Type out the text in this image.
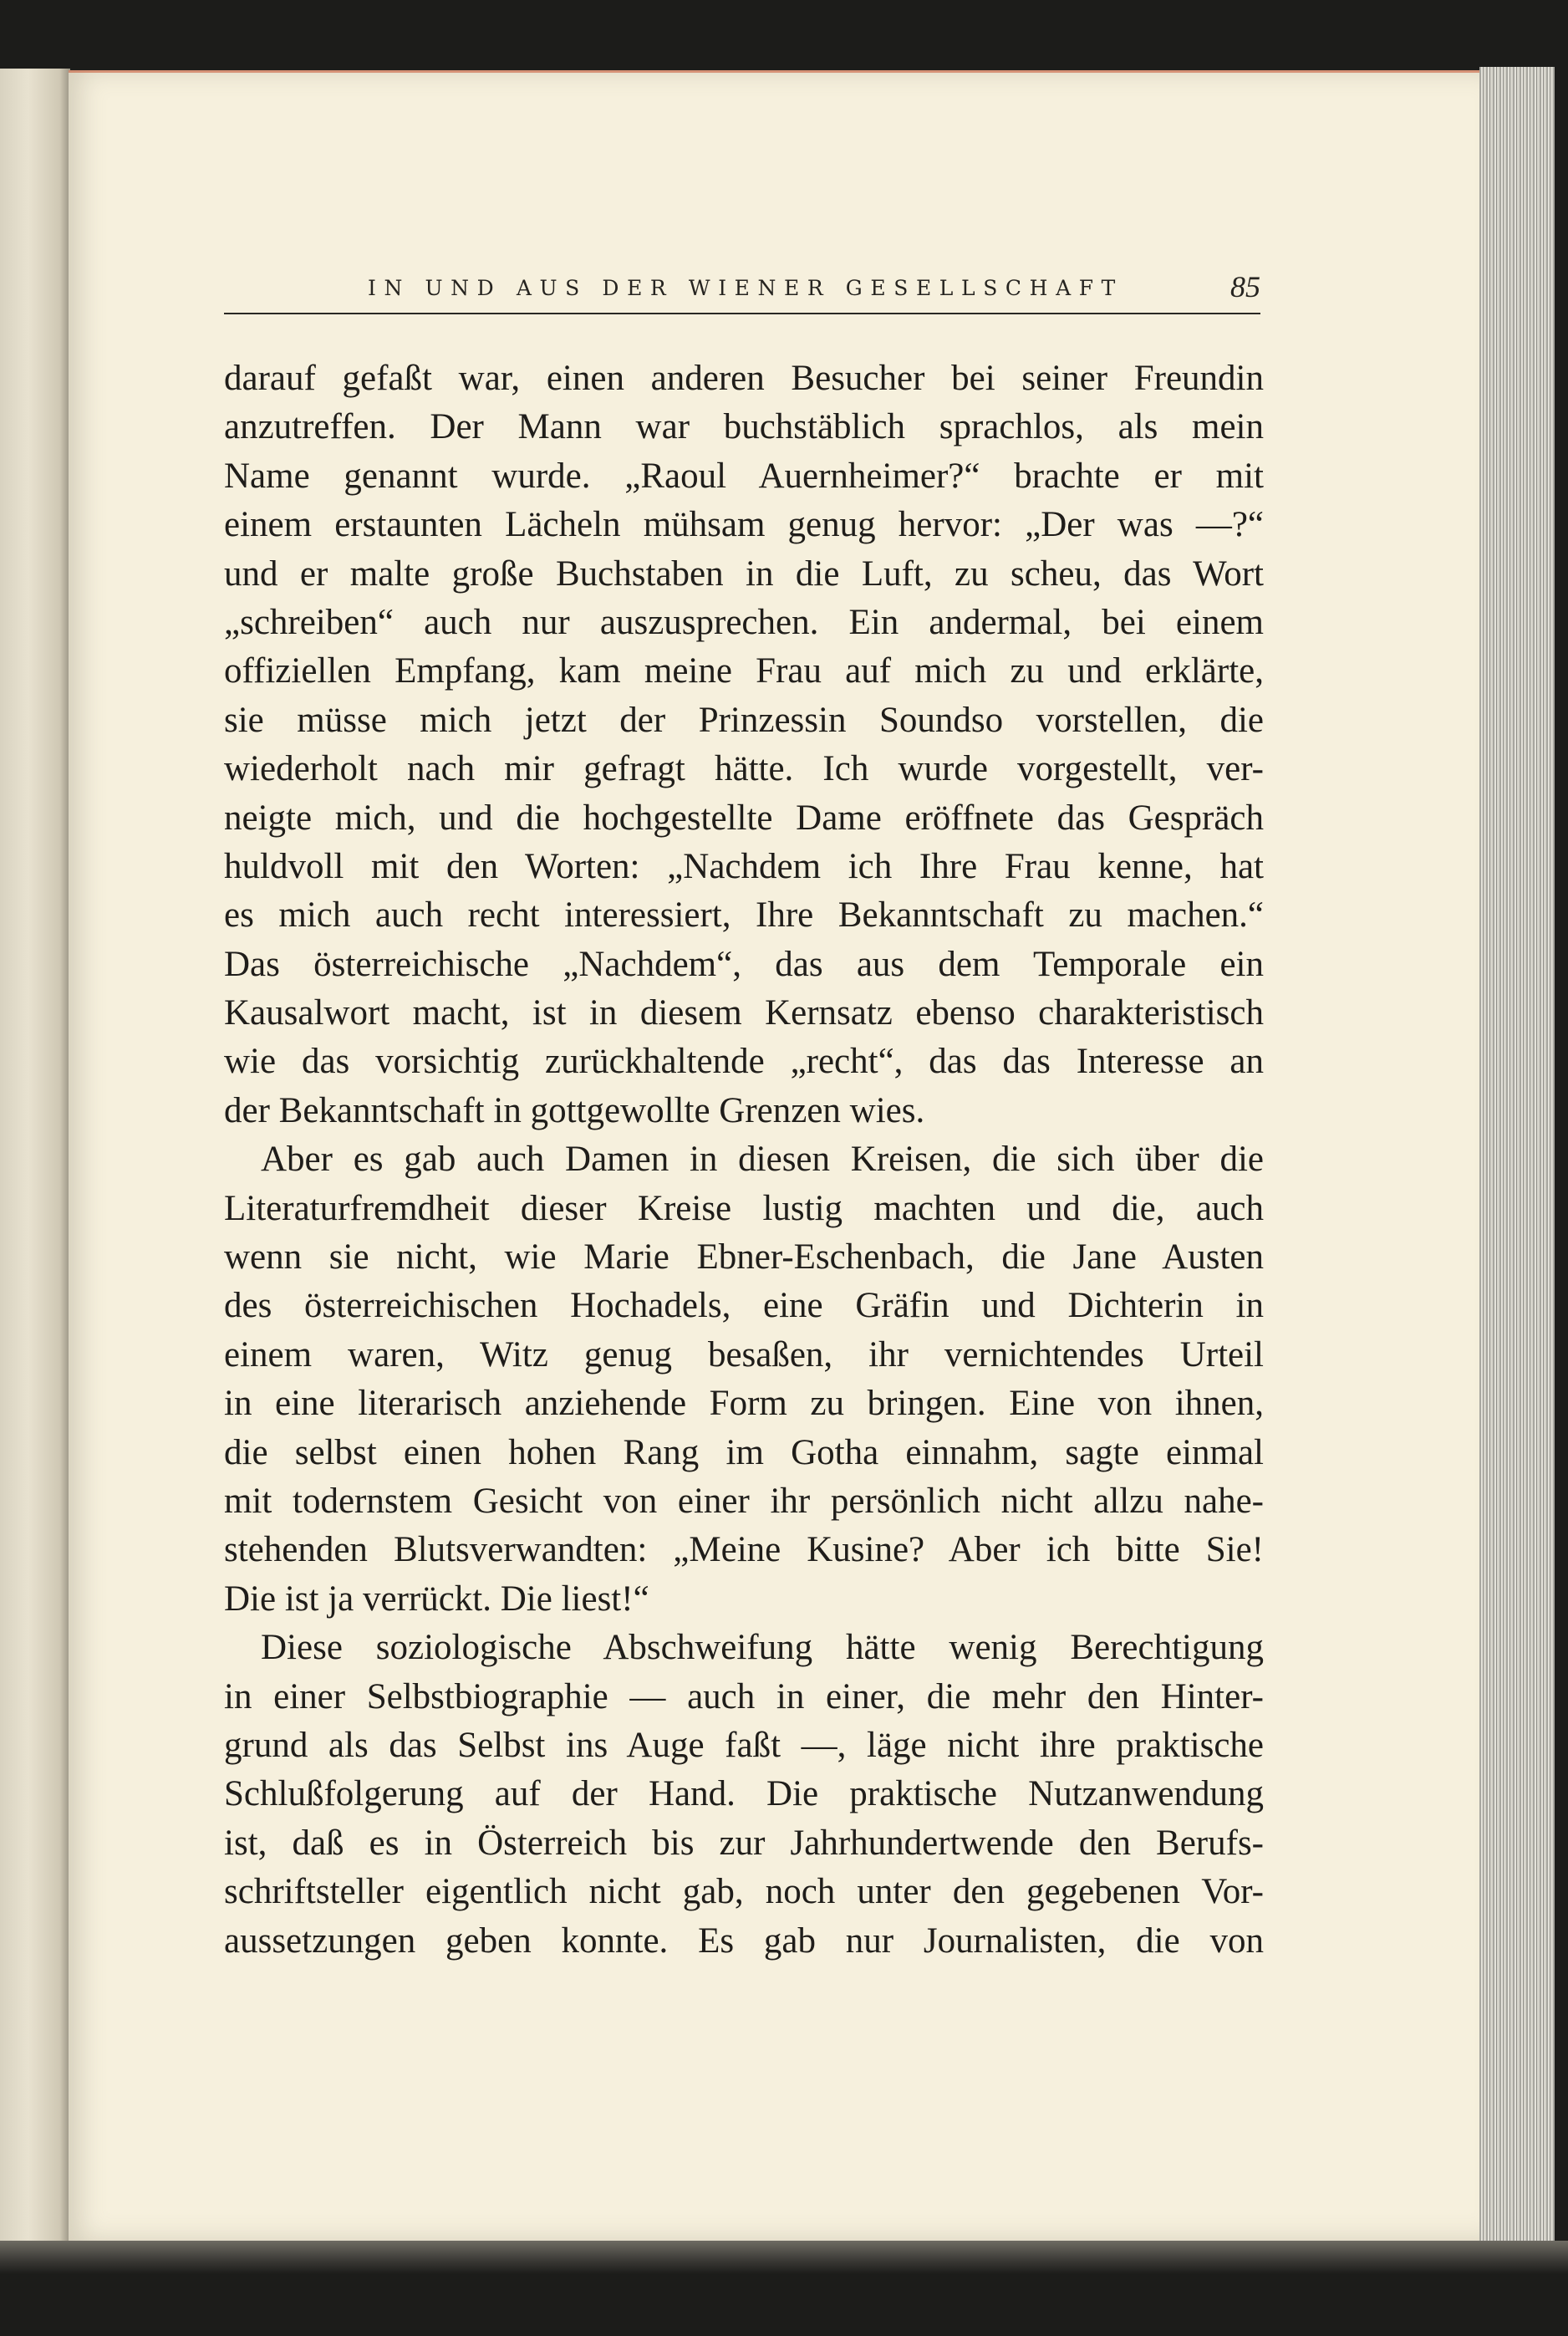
IN UND AUS DER WIENER GESELLSCHAFT	85
darauf gefaßt war, einen anderen Besucher bei seiner Freundin
anzutreffen. Der Mann war buchstäblich sprachlos, als mein
Name genannt wurde. „Raoul Auernheimer?“ brachte er mit
einem erstaunten Lächeln mühsam genug hervor: „Der was —?“
und er malte große Buchstaben in die Luft, zu scheu, das Wort
„schreiben“ auch nur auszusprechen. Ein andermal, bei einem
offiziellen Empfang, kam meine Frau auf mich zu und erklärte,
sie müsse mich jetzt der Prinzessin Soundso vorstellen, die
wiederholt nach mir gefragt hätte. Ich wurde vorgestellt, ver-
neigte mich, und die hochgestellte Dame eröffnete das Gespräch
huldvoll mit den Worten: „Nachdem ich Ihre Frau kenne, hat
es mich auch recht interessiert, Ihre Bekanntschaft zu machen.“
Das österreichische „Nachdem“, das aus dem Temporale ein
Kausalwort macht, ist in diesem Kernsatz ebenso charakteristisch
wie das vorsichtig zurückhaltende „recht“, das das Interesse an
der Bekanntschaft in gottgewollte Grenzen wies.
Aber es gab auch Damen in diesen Kreisen, die sich über die
Literaturfremdheit dieser Kreise lustig machten und die, auch
wenn sie nicht, wie Marie Ebner-Eschenbach, die Jane Austen
des österreichischen Hochadels, eine Gräfin und Dichterin in
einem waren, Witz genug besaßen, ihr vernichtendes Urteil
in eine literarisch anziehende Form zu bringen. Eine von ihnen,
die selbst einen hohen Rang im Gotha einnahm, sagte einmal
mit todernstem Gesicht von einer ihr persönlich nicht allzu nahe-
stehenden Blutsverwandten: „Meine Kusine? Aber ich bitte Sie!
Die ist ja verrückt. Die liest!“
Diese soziologische Abschweifung hätte wenig Berechtigung
in einer Selbstbiographie — auch in einer, die mehr den Hinter-
grund als das Selbst ins Auge faßt —, läge nicht ihre praktische
Schlußfolgerung auf der Hand. Die praktische Nutzanwendung
ist, daß es in Österreich bis zur Jahrhundertwende den Berufs-
schriftsteller eigentlich nicht gab, noch unter den gegebenen Vor-
aussetzungen geben konnte. Es gab nur Journalisten, die von
